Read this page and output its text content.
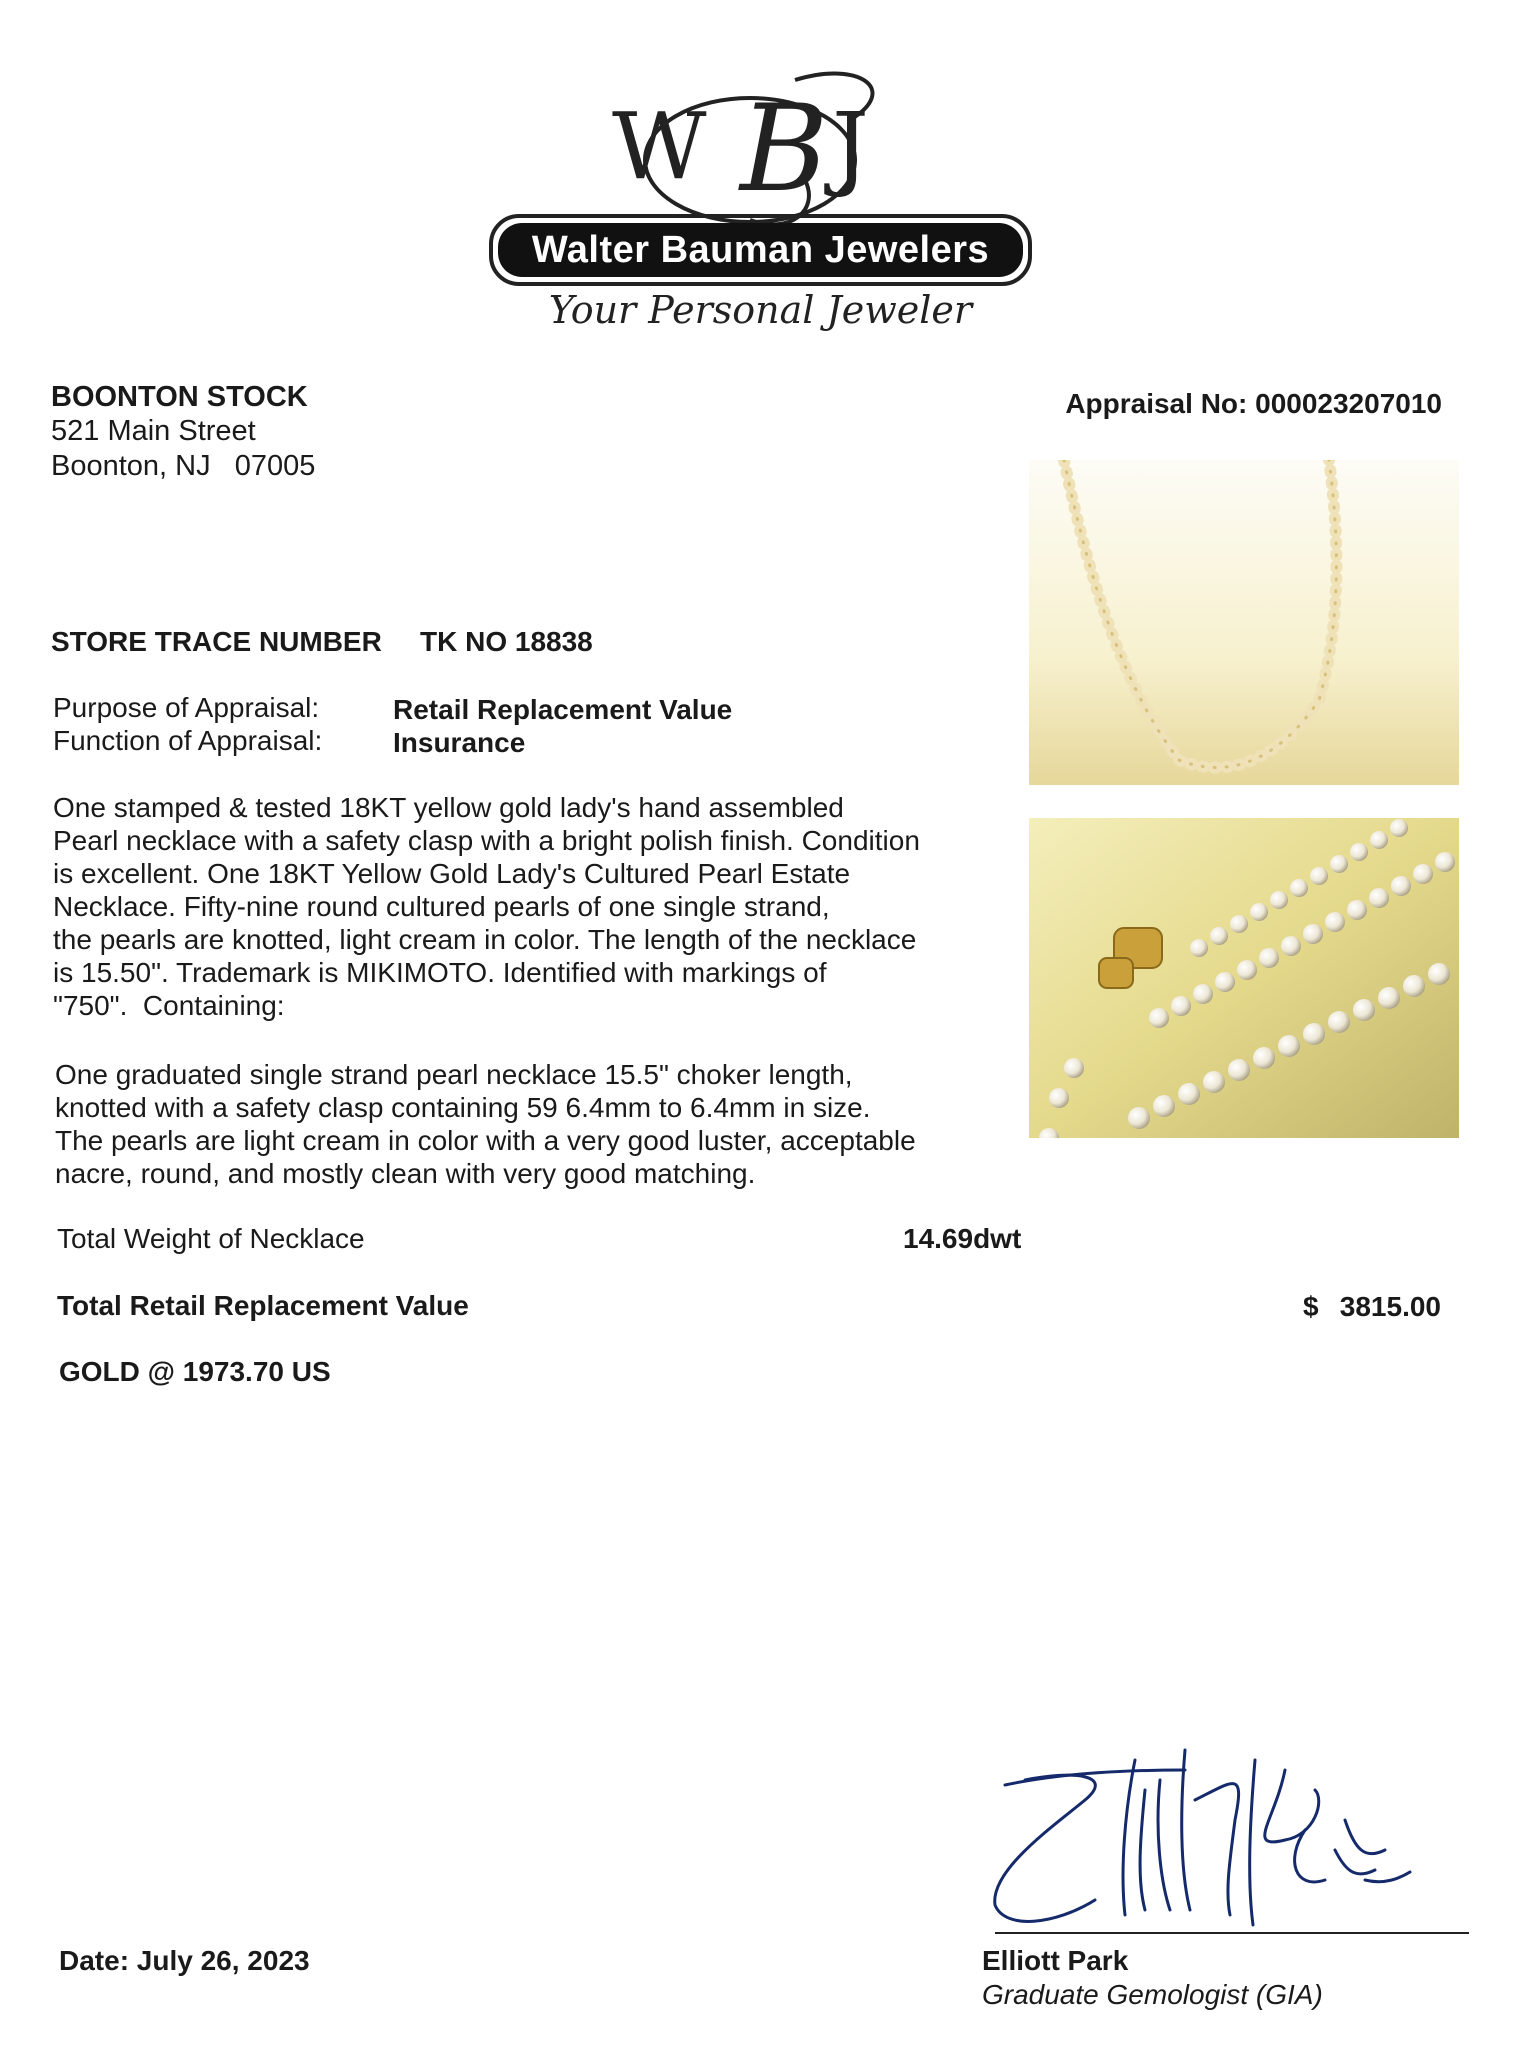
W B J
Walter Bauman Jewelers
Your Personal Jeweler
BOONTON STOCK
521 Main Street
Boonton, NJ   07005
Appraisal No: 000023207010
STORE TRACE NUMBER TK NO 18838
Purpose of Appraisal:	Retail Replacement Value
Function of Appraisal:	Insurance
One stamped & tested 18KT yellow gold lady's hand assembled
Pearl necklace with a safety clasp with a bright polish finish. Condition
is excellent. One 18KT Yellow Gold Lady's Cultured Pearl Estate
Necklace. Fifty-nine round cultured pearls of one single strand,
the pearls are knotted, light cream in color. The length of the necklace
is 15.50". Trademark is MIKIMOTO. Identified with markings of
"750".  Containing:
One graduated single strand pearl necklace 15.5" choker length,
knotted with a safety clasp containing 59 6.4mm to 6.4mm in size.
The pearls are light cream in color with a very good luster, acceptable
nacre, round, and mostly clean with very good matching.
Total Weight of Necklace	14.69dwt
Total Retail Replacement Value	$ 3815.00
GOLD @ 1973.70 US
Elliott Park
Graduate Gemologist (GIA)
Date: July 26, 2023
